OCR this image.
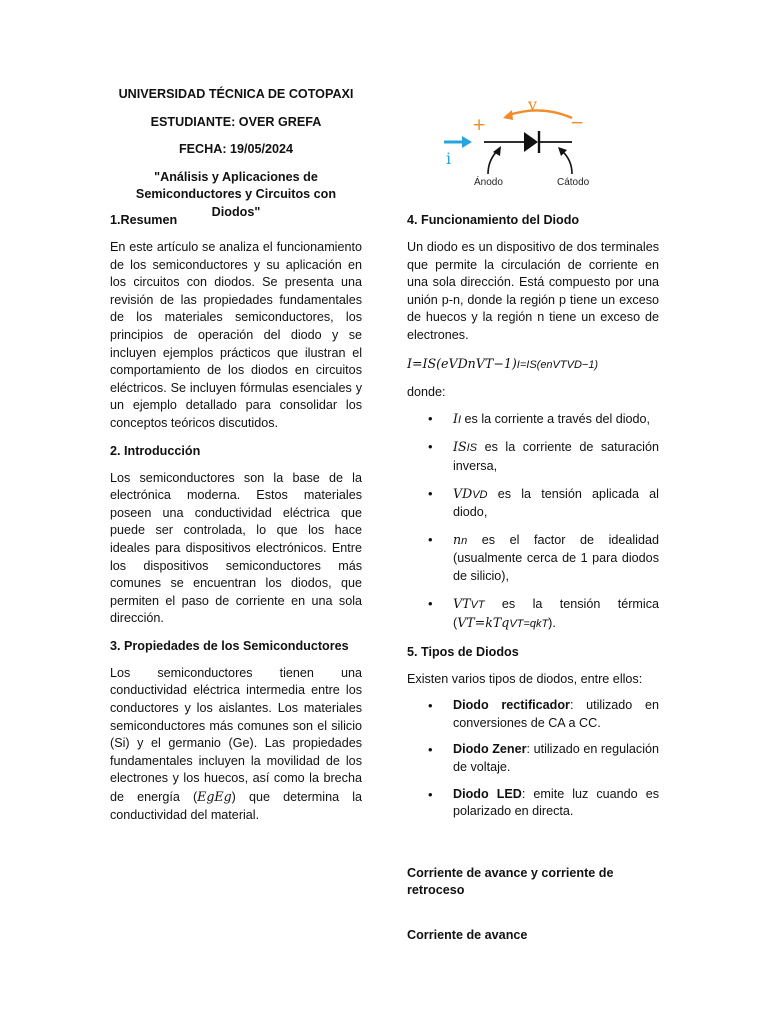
UNIVERSIDAD TÉCNICA DE COTOPAXI
ESTUDIANTE: OVER GREFA
FECHA: 19/05/2024
"Análisis y Aplicaciones de
Semiconductores y Circuitos con Diodos"
v
+	−
i
Ánodo	Cátodo
1.Resumen

En este artículo se analiza el funcionamiento de los semiconductores y su aplicación en los circuitos con diodos. Se presenta una revisión de las propiedades fundamentales de los materiales semiconductores, los principios de operación del diodo y se incluyen ejemplos prácticos que ilustran el comportamiento de los diodos en circuitos eléctricos. Se incluyen fórmulas esenciales y un ejemplo detallado para consolidar los conceptos teóricos discutidos.

2. Introducción

Los semiconductores son la base de la electrónica moderna. Estos materiales poseen una conductividad eléctrica que puede ser controlada, lo que los hace ideales para dispositivos electrónicos. Entre los dispositivos semiconductores más comunes se encuentran los diodos, que permiten el paso de corriente en una sola dirección.

3. Propiedades de los Semiconductores

Los semiconductores tienen una conductividad eléctrica intermedia entre los conductores y los aislantes. Los materiales semiconductores más comunes son el silicio (Si) y el germanio (Ge). Las propiedades fundamentales incluyen la movilidad de los electrones y los huecos, así como la brecha de energía (EgEg) que determina la conductividad del material.

4. Funcionamiento del Diodo

Un diodo es un dispositivo de dos terminales que permite la circulación de corriente en una sola dirección. Está compuesto por una unión p-n, donde la región p tiene un exceso de huecos y la región n tiene un exceso de electrones.

I=IS(eVDnVT−1)I=IS(enVTVD−1)
donde:
• II es la corriente a través del diodo,
• ISIS es la corriente de saturación inversa,
• VDVD es la tensión aplicada al diodo,
• nn es el factor de idealidad (usualmente cerca de 1 para diodos de silicio),
• VTVT es la tensión térmica (VT=kTqVT=qkT).
5. Tipos de Diodos
Existen varios tipos de diodos, entre ellos:
• Diodo rectificador: utilizado en conversiones de CA a CC.
• Diodo Zener: utilizado en regulación de voltaje.
• Diodo LED: emite luz cuando es polarizado en directa.
Corriente de avance y corriente de retroceso
Corriente de avance
